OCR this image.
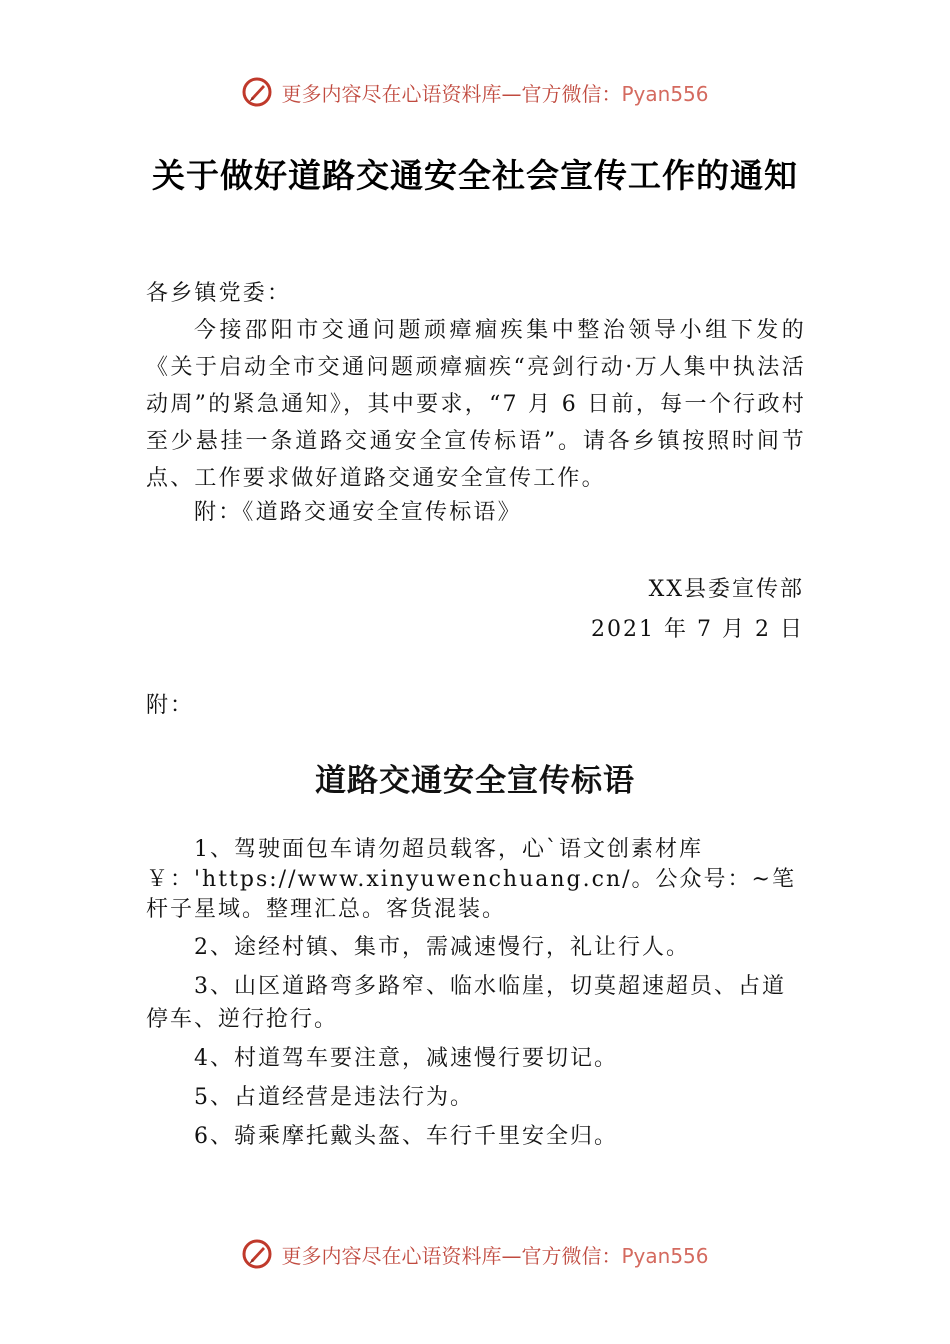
更多内容尽在心语资料库—官方微信：Pyan556
关于做好道路交通安全社会宣传工作的通知
各乡镇党委：
今接邵阳市交通问题顽瘴痼疾集中整治领导小组下发的《关于启动全市交通问题顽瘴痼疾“亮剑行动·万人集中执法活动周”的紧急通知》，其中要求，“7 月 6 日前，每一个行政村至少悬挂一条道路交通安全宣传标语”。请各乡镇按照时间节点、工作要求做好道路交通安全宣传工作。
附：《道路交通安全宣传标语》
XX县委宣传部
2021 年 7 月 2 日
附：
道路交通安全宣传标语
1、驾驶面包车请勿超员载客，心`语文创素材库 ￥：'https://www.xinyuwenchuang.cn/。公众号：~笔杆子星域。整理汇总。客货混装。
2、途经村镇、集市，需减速慢行，礼让行人。
3、山区道路弯多路窄、临水临崖，切莫超速超员、占道停车、逆行抢行。
4、村道驾车要注意，减速慢行要切记。
5、占道经营是违法行为。
6、骑乘摩托戴头盔、车行千里安全归。
更多内容尽在心语资料库—官方微信：Pyan556
